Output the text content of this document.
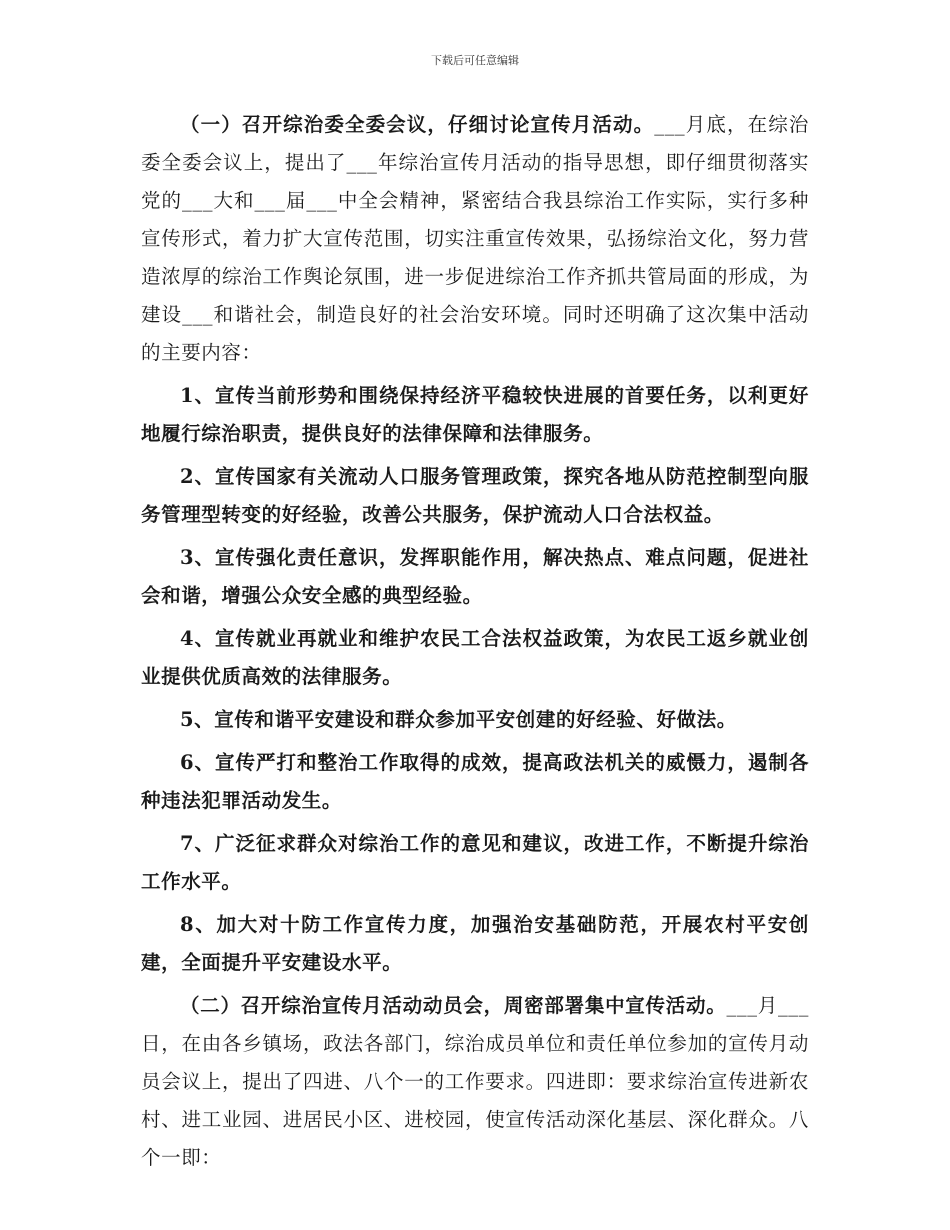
下载后可任意编辑

（一）召开综治委全委会议，仔细讨论宣传月活动。___月底，在综治委全委会议上，提出了___年综治宣传月活动的指导思想，即仔细贯彻落实党的___大和___届___中全会精神，紧密结合我县综治工作实际，实行多种宣传形式，着力扩大宣传范围，切实注重宣传效果，弘扬综治文化，努力营造浓厚的综治工作舆论氛围，进一步促进综治工作齐抓共管局面的形成，为建设___和谐社会，制造良好的社会治安环境。同时还明确了这次集中活动的主要内容：

1、宣传当前形势和围绕保持经济平稳较快进展的首要任务，以利更好地履行综治职责，提供良好的法律保障和法律服务。

2、宣传国家有关流动人口服务管理政策，探究各地从防范控制型向服务管理型转变的好经验，改善公共服务，保护流动人口合法权益。

3、宣传强化责任意识，发挥职能作用，解决热点、难点问题，促进社会和谐，增强公众安全感的典型经验。

4、宣传就业再就业和维护农民工合法权益政策，为农民工返乡就业创业提供优质高效的法律服务。

5、宣传和谐平安建设和群众参加平安创建的好经验、好做法。

6、宣传严打和整治工作取得的成效，提高政法机关的威慑力，遏制各种违法犯罪活动发生。

7、广泛征求群众对综治工作的意见和建议，改进工作，不断提升综治工作水平。

8、加大对十防工作宣传力度，加强治安基础防范，开展农村平安创建，全面提升平安建设水平。

（二）召开综治宣传月活动动员会，周密部署集中宣传活动。___月___日，在由各乡镇场，政法各部门，综治成员单位和责任单位参加的宣传月动员会议上，提出了四进、八个一的工作要求。四进即：要求综治宣传进新农村、进工业园、进居民小区、进校园，使宣传活动深化基层、深化群众。八个一即：
